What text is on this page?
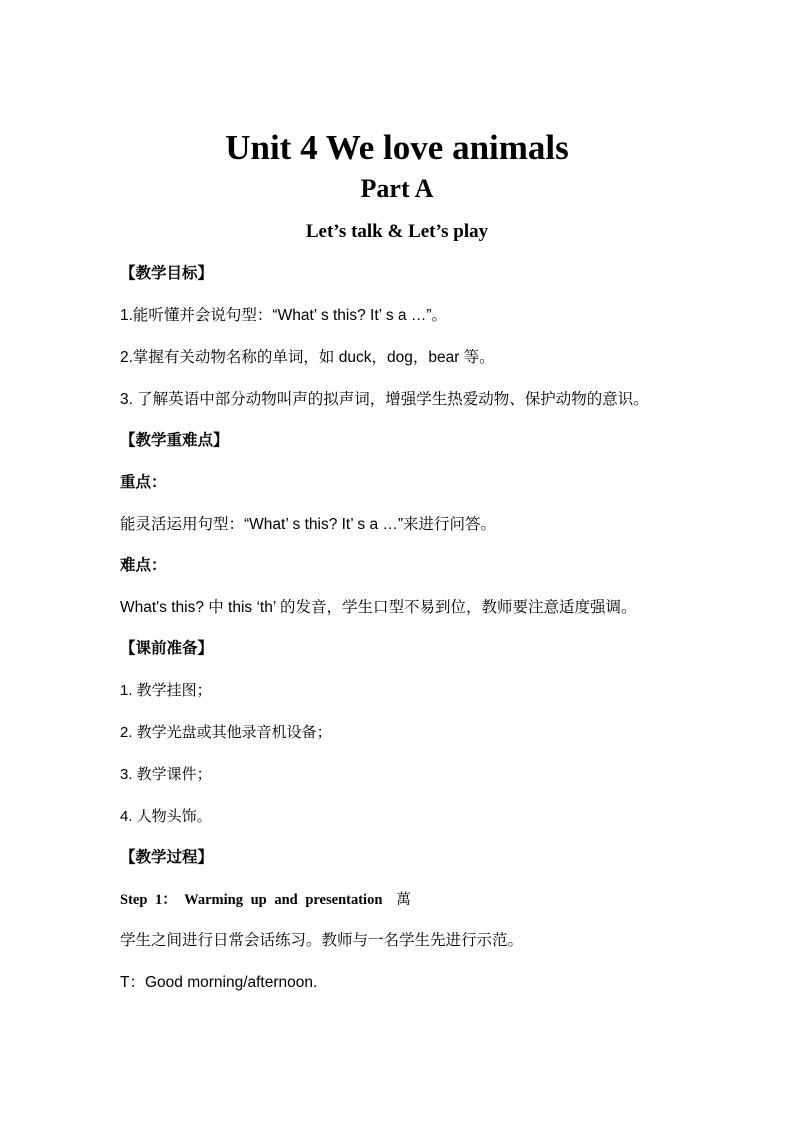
Unit 4 We love animals
Part A
Let’s talk & Let’s play
【教学目标】
1.能听懂并会说句型：“What’ s this? It’ s a …”。
2.掌握有关动物名称的单词，如 duck，dog，bear 等。
3. 了解英语中部分动物叫声的拟声词，增强学生热爱动物、保护动物的意识。
【教学重难点】
重点：
能灵活运用句型：“What’ s this? It’ s a …”来进行问答。
难点：
What's this? 中 this ‘th’ 的发音，学生口型不易到位，教师要注意适度强调。
【课前准备】
1. 教学挂图；
2. 教学光盘或其他录音机设备；
3. 教学课件；
4. 人物头饰。
【教学过程】
Step 1： Warming up and presentation 萬
学生之间进行日常会话练习。教师与一名学生先进行示范。
T：Good morning/afternoon.
